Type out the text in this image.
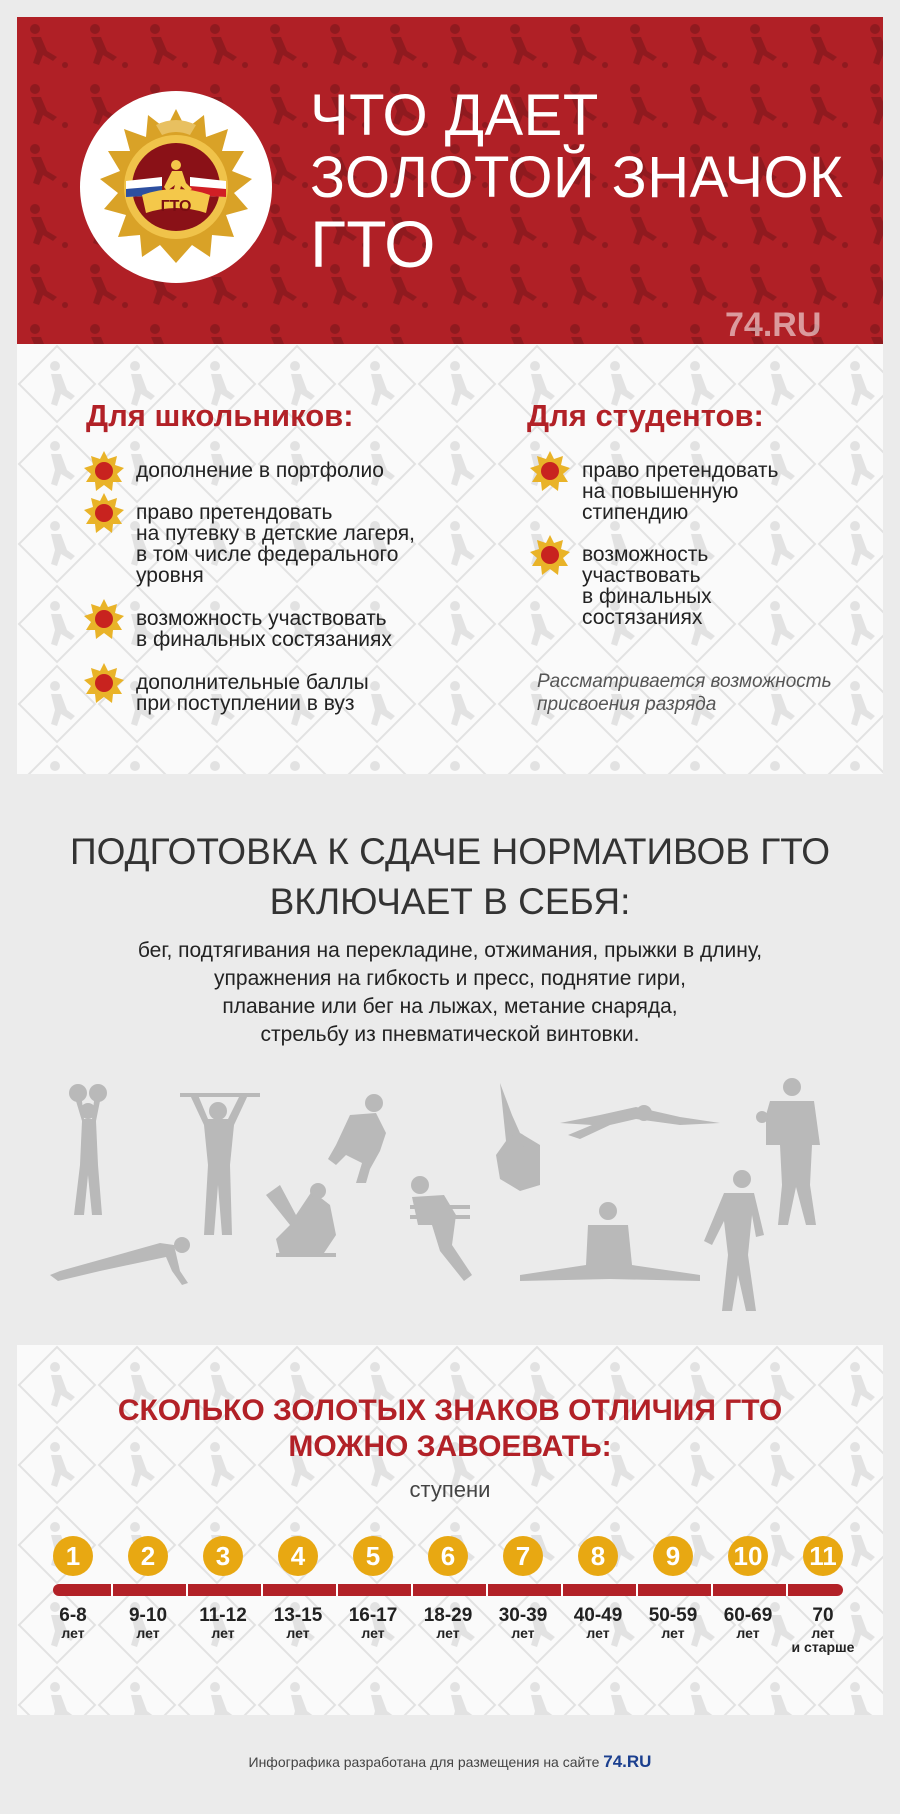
ГТО
ЧТО ДАЕТ
ЗОЛОТОЙ ЗНАЧОК
ГТО
74.RU
Для школьников:	Для студентов:
дополнение в портфолио
право претендовать
на путевку в детские лагеря,
в том числе федерального
уровня
возможность участвовать
в финальных состязаниях
дополнительные баллы
при поступлении в вуз
право претендовать
на повышенную
стипендию
возможность
участвовать
в финальных
состязаниях
Рассматривается возможность
присвоения разряда
ПОДГОТОВКА К СДАЧЕ НОРМАТИВОВ ГТО
ВКЛЮЧАЕТ В СЕБЯ:
бег, подтягивания на перекладине, отжимания, прыжки в длину,
упражнения на гибкость и пресс, поднятие гири,
плавание или бег на лыжах, метание снаряда,
стрельбу из пневматической винтовки.
СКОЛЬКО ЗОЛОТЫХ ЗНАКОВ ОТЛИЧИЯ ГТО
МОЖНО ЗАВОЕВАТЬ:
ступени
1
6-8
лет
2
9-10
лет
3
11-12
лет
4
13-15
лет
5
16-17
лет
6
18-29
лет
7
30-39
лет
8
40-49
лет
9
50-59
лет
10
60-69
лет
11
70
лет
и старше
Инфографика разработана для размещения на сайте 74.RU
